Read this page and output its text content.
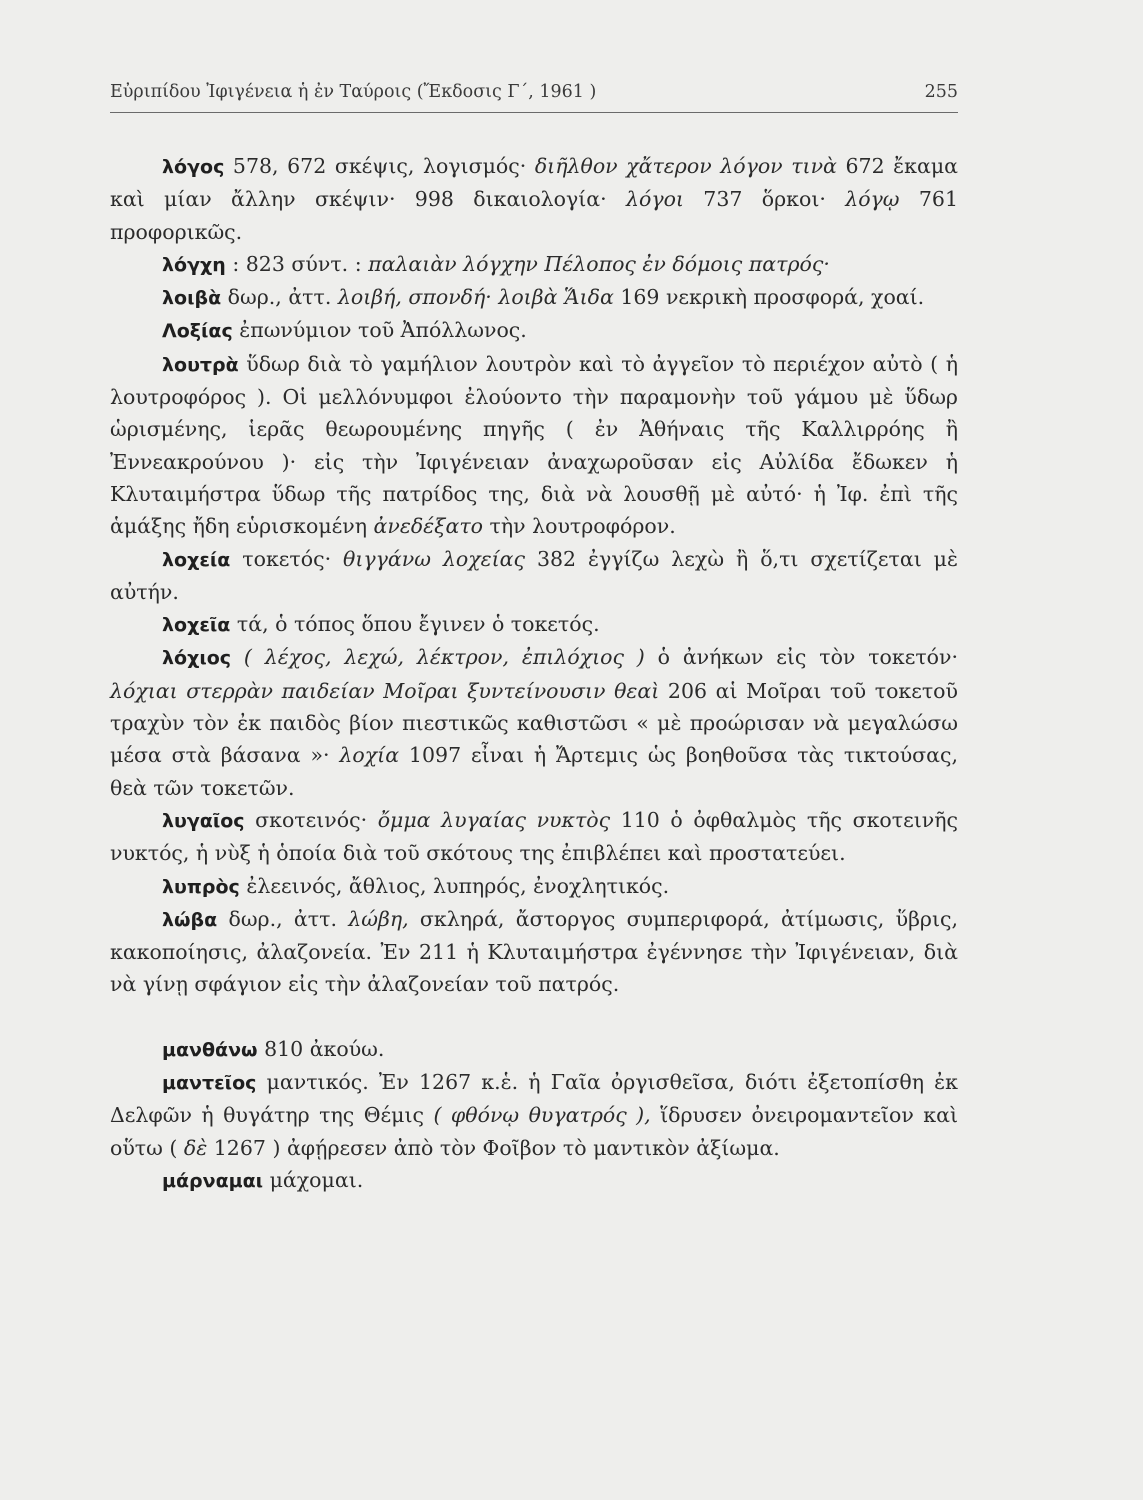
Εὐριπίδου Ἰφιγένεια ἡ ἐν Ταύροις (Ἔκδοσις Γ΄, 1961 )	255

λόγος 578, 672 σκέψις, λογισμός· διῆλθον χἄτερον λόγον τινὰ 672 ἔκαμα καὶ μίαν ἄλλην σκέψιν· 998 δικαιολογία· λόγοι 737 ὅρκοι· λόγῳ 761 προφορικῶς.

λόγχη : 823 σύντ. : παλαιὰν λόγχην Πέλοπος ἐν δόμοις πατρός·

λοιβὰ δωρ., ἀττ. λοιβή, σπονδή· λοιβὰ Ἅιδα 169 νεκρικὴ προσφορά, χοαί.

Λοξίας ἐπωνύμιον τοῦ Ἀπόλλωνος.

λουτρὰ ὕδωρ διὰ τὸ γαμήλιον λουτρὸν καὶ τὸ ἀγγεῖον τὸ περιέχον αὐτὸ ( ἡ λουτροφόρος ). Οἱ μελλόνυμφοι ἐλούοντο τὴν παραμονὴν τοῦ γάμου μὲ ὕδωρ ὡρισμένης, ἱερᾶς θεωρουμένης πηγῆς ( ἐν Ἀθήναις τῆς Καλλιρρόης ἢ Ἐννεακρούνου )· εἰς τὴν Ἰφιγένειαν ἀναχωροῦσαν εἰς Αὐλίδα ἔδωκεν ἡ Κλυταιμήστρα ὕδωρ τῆς πατρίδος της, διὰ νὰ λουσθῇ μὲ αὐτό· ἡ Ἰφ. ἐπὶ τῆς ἁμάξης ἤδη εὑρισκομένη ἀνεδέξατο τὴν λουτροφόρον.

λοχεία τοκετός· θιγγάνω λοχείας 382 ἐγγίζω λεχὼ ἢ ὅ,τι σχετίζεται μὲ αὐτήν.

λοχεῖα τά, ὁ τόπος ὅπου ἔγινεν ὁ τοκετός.

λόχιος ( λέχος, λεχώ, λέκτρον, ἐπιλόχιος ) ὁ ἀνήκων εἰς τὸν τοκετόν· λόχιαι στερρὰν παιδείαν Μοῖραι ξυντείνουσιν θεαὶ 206 αἱ Μοῖραι τοῦ τοκετοῦ τραχὺν τὸν ἐκ παιδὸς βίον πιεστικῶς καθιστῶσι « μὲ προώρισαν νὰ μεγαλώσω μέσα στὰ βάσανα »· λοχία 1097 εἶναι ἡ Ἄρτεμις ὡς βοηθοῦσα τὰς τικτούσας, θεὰ τῶν τοκετῶν.

λυγαῖος σκοτεινός· ὄμμα λυγαίας νυκτὸς 110 ὁ ὀφθαλμὸς τῆς σκοτεινῆς νυκτός, ἡ νὺξ ἡ ὁποία διὰ τοῦ σκότους της ἐπιβλέπει καὶ προστατεύει.

λυπρὸς ἐλεεινός, ἄθλιος, λυπηρός, ἐνοχλητικός.

λώβα δωρ., ἀττ. λώβη, σκληρά, ἄστοργος συμπεριφορά, ἀτίμωσις, ὕβρις, κακοποίησις, ἀλαζονεία. Ἐν 211 ἡ Κλυταιμήστρα ἐγέννησε τὴν Ἰφιγένειαν, διὰ νὰ γίνῃ σφάγιον εἰς τὴν ἀλαζονείαν τοῦ πατρός.

μανθάνω 810 ἀκούω.

μαντεῖος μαντικός. Ἐν 1267 κ.ἑ. ἡ Γαῖα ὀργισθεῖσα, διότι ἐξετοπίσθη ἐκ Δελφῶν ἡ θυγάτηρ της Θέμις ( φθόνῳ θυγατρός ), ἵδρυσεν ὀνειρομαντεῖον καὶ οὕτω ( δὲ 1267 ) ἀφῄρεσεν ἀπὸ τὸν Φοῖβον τὸ μαντικὸν ἀξίωμα.

μάρναμαι μάχομαι.
